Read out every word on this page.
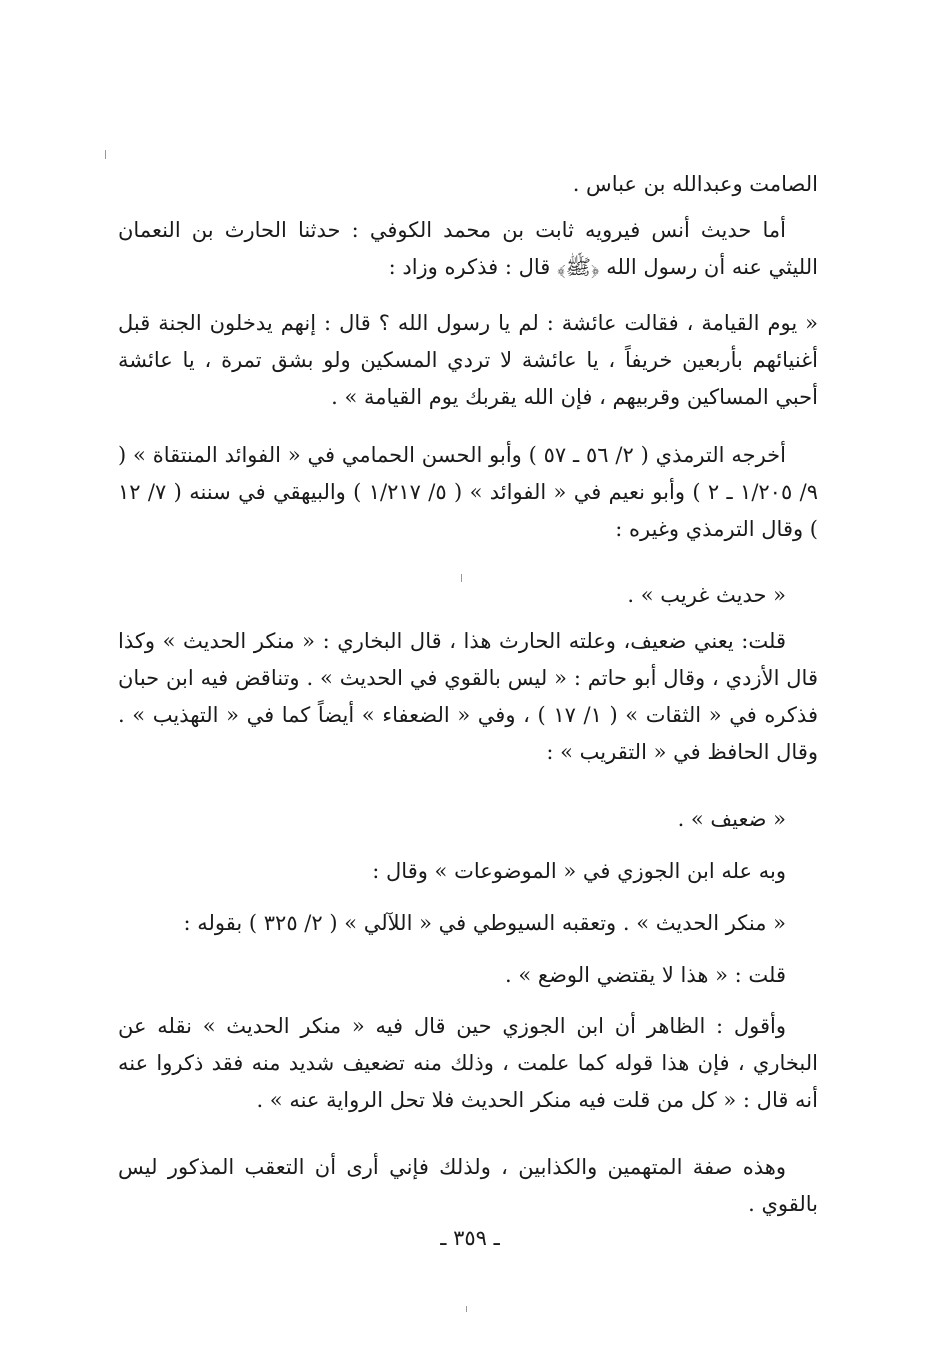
الصامت وعبدالله بن عباس .
أما حديث أنس فيرويه ثابت بن محمد الكوفي : حدثنا الحارث بن النعمان الليثي عنه أن رسول الله ﴿ﷺ﴾ قال : فذكره وزاد :
« يوم القيامة ، فقالت عائشة : لم يا رسول الله ؟ قال : إنهم يدخلون الجنة قبل أغنيائهم بأربعين خريفاً ، يا عائشة لا تردي المسكين ولو بشق تمرة ، يا عائشة أحبي المساكين وقربيهم ، فإن الله يقربك يوم القيامة » .
أخرجه الترمذي ( ٢/ ٥٦ ـ ٥٧ ) وأبو الحسن الحمامي في « الفوائد المنتقاة » ( ٩/ ١/٢٠٥ ـ ٢ ) وأبو نعيم في « الفوائد » ( ٥/ ١/٢١٧ ) والبيهقي في سننه ( ٧/ ١٢ ) وقال الترمذي وغيره :
« حديث غريب » .
قلت: يعني ضعيف، وعلته الحارث هذا ، قال البخاري : « منكر الحديث » وكذا قال الأزدي ، وقال أبو حاتم : « ليس بالقوي في الحديث » . وتناقض فيه ابن حبان فذكره في « الثقات » ( ١/ ١٧ ) ، وفي « الضعفاء » أيضاً كما في « التهذيب » . وقال الحافظ في « التقريب » :
« ضعيف » .
وبه عله ابن الجوزي في « الموضوعات » وقال :
« منكر الحديث » . وتعقبه السيوطي في « اللآلي » ( ٢/ ٣٢٥ ) بقوله :
قلت : « هذا لا يقتضي الوضع » .
وأقول : الظاهر أن ابن الجوزي حين قال فيه « منكر الحديث » نقله عن البخاري ، فإن هذا قوله كما علمت ، وذلك منه تضعيف شديد منه فقد ذكروا عنه أنه قال : « كل من قلت فيه منكر الحديث فلا تحل الرواية عنه » .
وهذه صفة المتهمين والكذابين ، ولذلك فإني أرى أن التعقب المذكور ليس بالقوي .
ـ ٣٥٩ ـ
